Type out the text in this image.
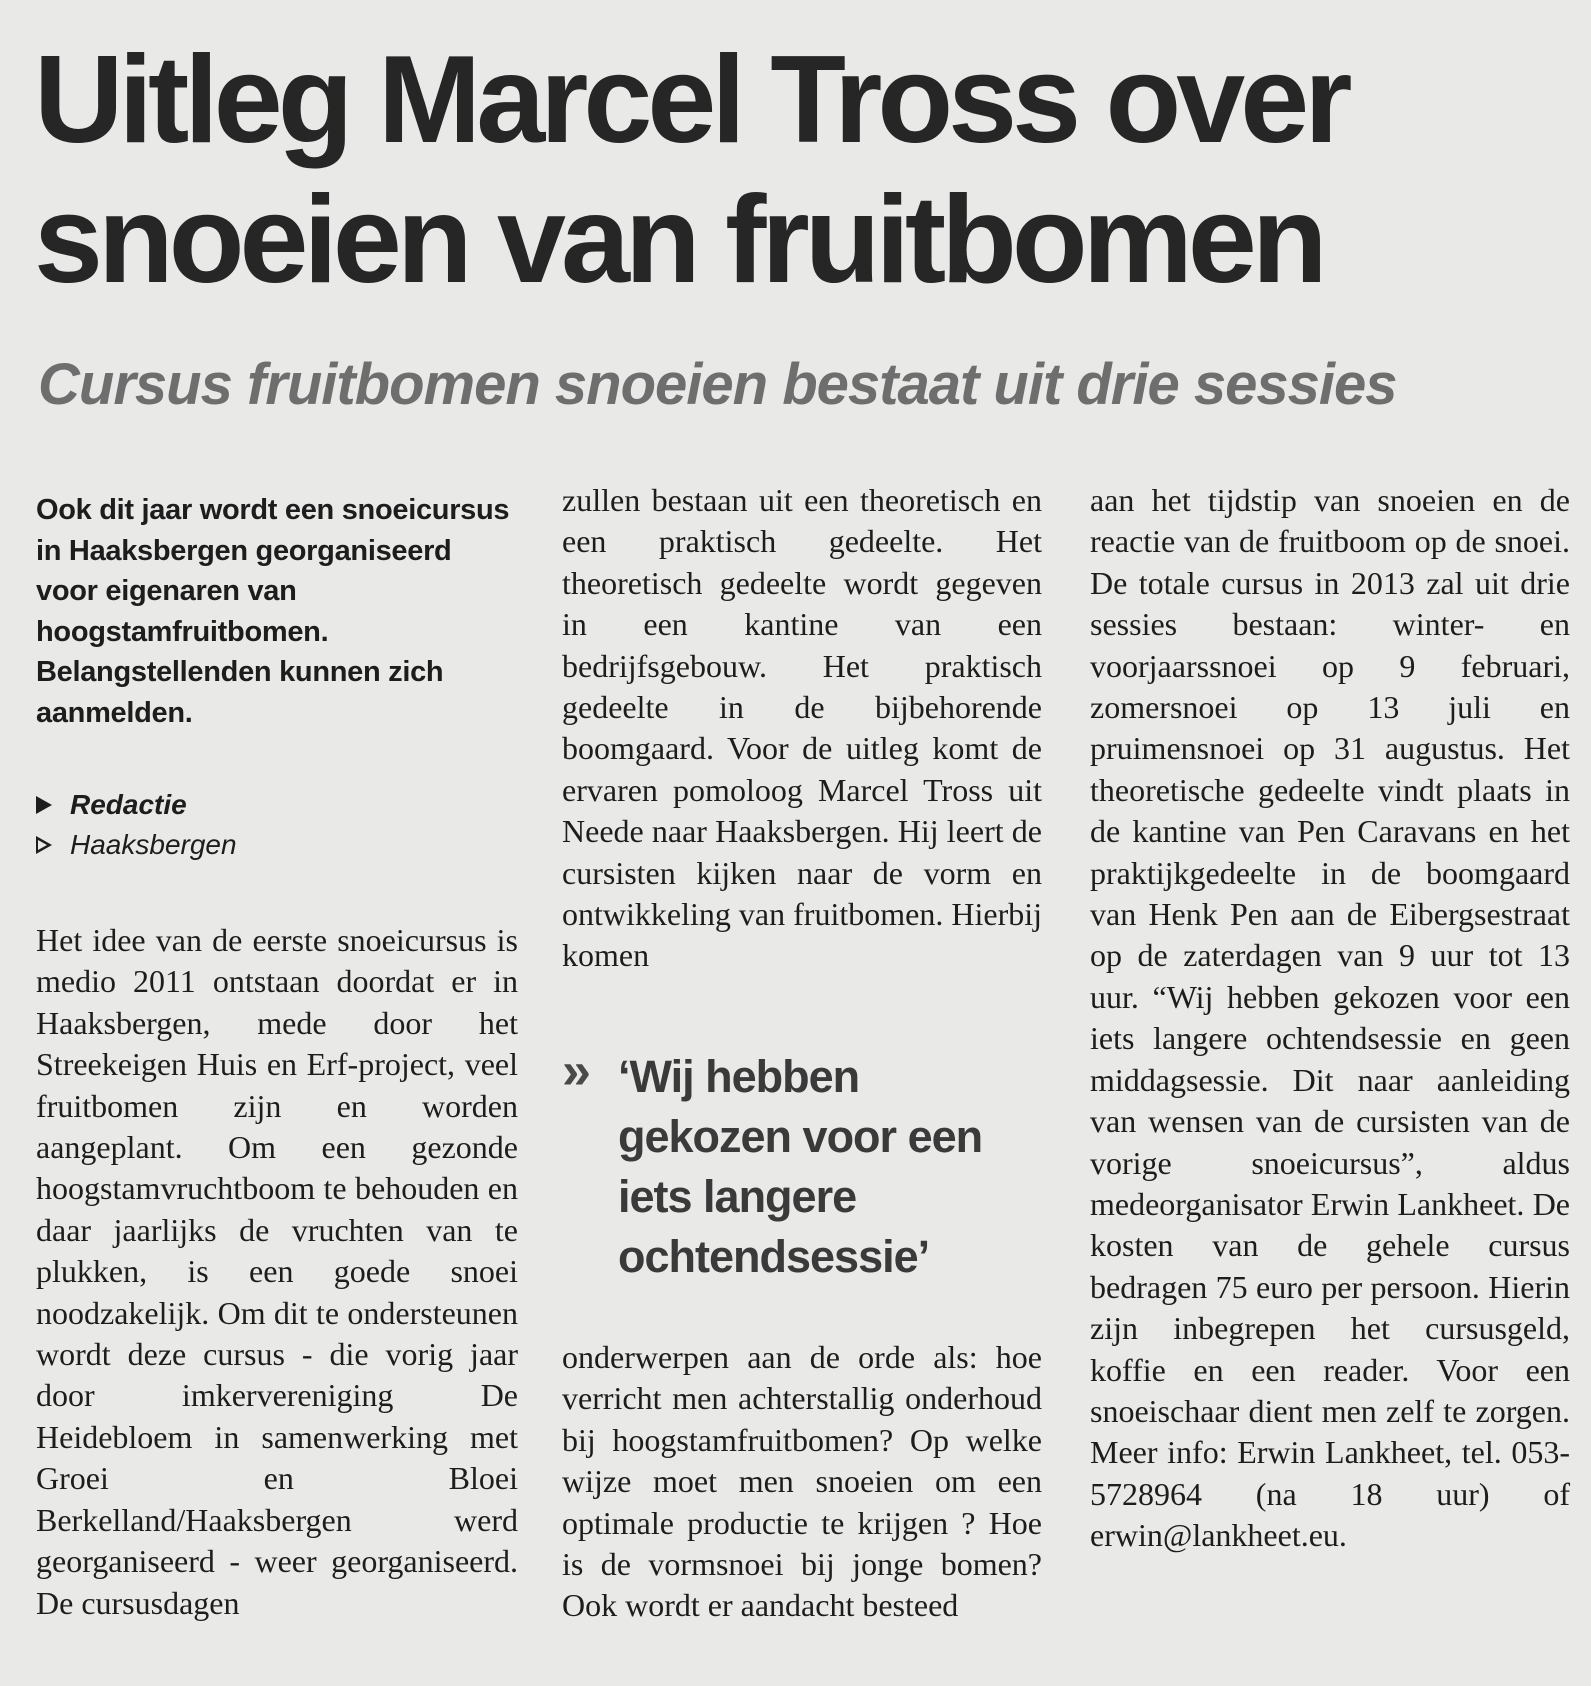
Uitleg Marcel Tross over snoeien van fruitbomen
Cursus fruitbomen snoeien bestaat uit drie sessies

Ook dit jaar wordt een snoeicursus in Haaksbergen georganiseerd voor eigenaren van hoogstamfruitbomen. Belangstellenden kunnen zich aanmelden.

Redactie
Haaksbergen

Het idee van de eerste snoeicursus is medio 2011 ontstaan doordat er in Haaksbergen, mede door het Streekeigen Huis en Erf-project, veel fruitbomen zijn en worden aangeplant. Om een gezonde hoogstamvruchtboom te behouden en daar jaarlijks de vruchten van te plukken, is een goede snoei noodzakelijk. Om dit te ondersteunen wordt deze cursus - die vorig jaar door imkervereniging De Heidebloem in samenwerking met Groei en Bloei Berkelland/Haaksbergen werd georganiseerd - weer georganiseerd. De cursusdagen

zullen bestaan uit een theoretisch en een praktisch gedeelte. Het theoretisch gedeelte wordt gegeven in een kantine van een bedrijfsgebouw. Het praktisch gedeelte in de bijbehorende boomgaard. Voor de uitleg komt de ervaren pomoloog Marcel Tross uit Neede naar Haaksbergen. Hij leert de cursisten kijken naar de vorm en ontwikkeling van fruitbomen. Hierbij komen

» ‘Wij hebben gekozen voor een iets langere ochtendsessie’

onderwerpen aan de orde als: hoe verricht men achterstallig onderhoud bij hoogstamfruitbomen? Op welke wijze moet men snoeien om een optimale productie te krijgen ? Hoe is de vormsnoei bij jonge bomen? Ook wordt er aandacht besteed

aan het tijdstip van snoeien en de reactie van de fruitboom op de snoei. De totale cursus in 2013 zal uit drie sessies bestaan: winter- en voorjaarssnoei op 9 februari, zomersnoei op 13 juli en pruimensnoei op 31 augustus. Het theoretische gedeelte vindt plaats in de kantine van Pen Caravans en het praktijkgedeelte in de boomgaard van Henk Pen aan de Eibergsestraat op de zaterdagen van 9 uur tot 13 uur. “Wij hebben gekozen voor een iets langere ochtendsessie en geen middagsessie. Dit naar aanleiding van wensen van de cursisten van de vorige snoeicursus”, aldus medeorganisator Erwin Lankheet. De kosten van de gehele cursus bedragen 75 euro per persoon. Hierin zijn inbegrepen het cursusgeld, koffie en een reader. Voor een snoeischaar dient men zelf te zorgen. Meer info: Erwin Lankheet, tel. 053-5728964 (na 18 uur) of erwin@lankheet.eu.
